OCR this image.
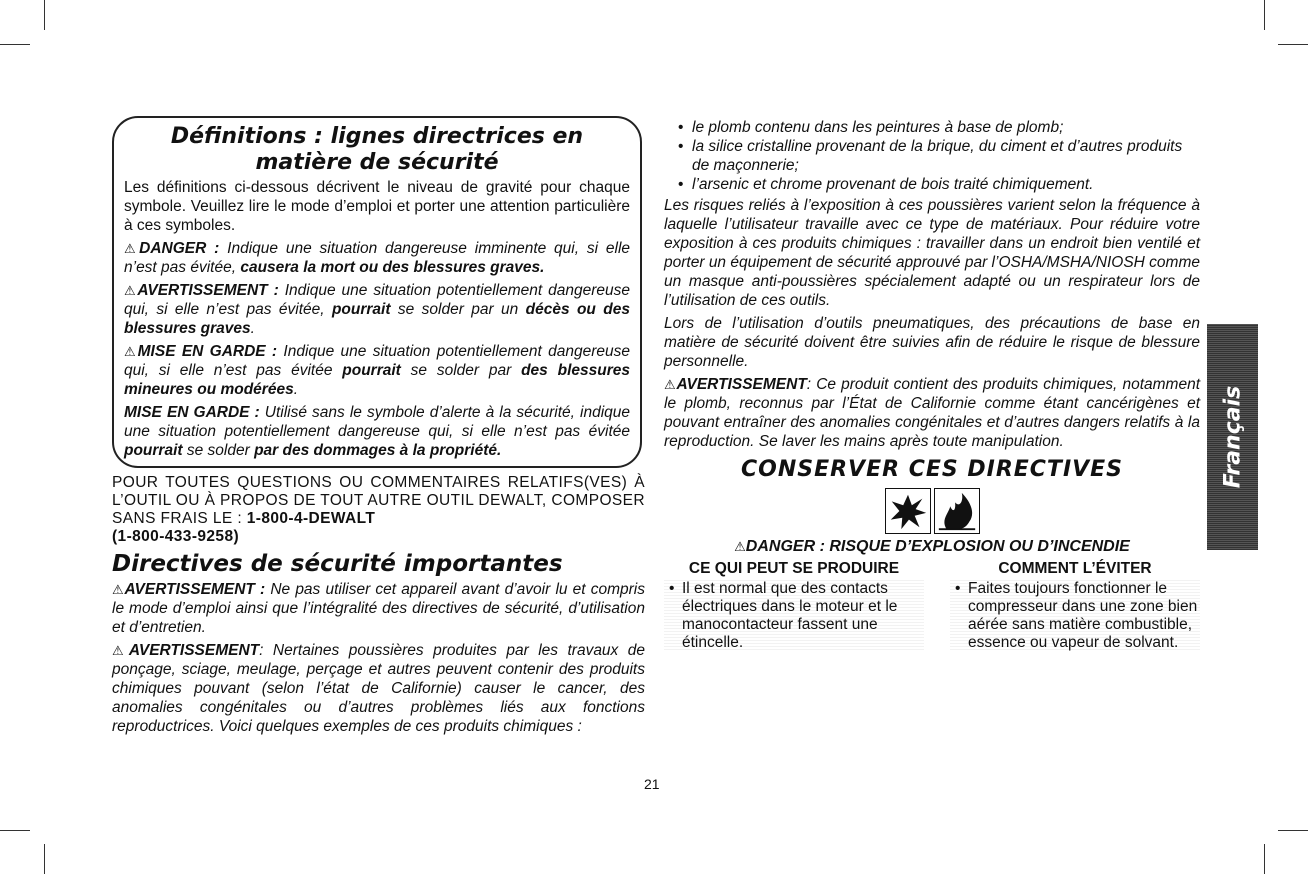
Définitions : lignes directrices en
matière de sécurité

Les définitions ci-dessous décrivent le niveau de gravité pour chaque symbole. Veuillez lire le mode d’emploi et porter une attention particulière à ces symboles.

⚠DANGER : Indique une situation dangereuse imminente qui, si elle n’est pas évitée, causera la mort ou des blessures graves.

⚠AVERTISSEMENT : Indique une situation potentiellement dangereuse qui, si elle n’est pas évitée, pourrait se solder par un décès ou des blessures graves.

⚠MISE EN GARDE : Indique une situation potentiellement dangereuse qui, si elle n’est pas évitée pourrait se solder par des blessures mineures ou modérées.

MISE EN GARDE : Utilisé sans le symbole d’alerte à la sécurité, indique une situation potentiellement dangereuse qui, si elle n’est pas évitée pourrait se solder par des dommages à la propriété.

POUR TOUTES QUESTIONS OU COMMENTAIRES RELATIFS(VES) À L’OUTIL OU À PROPOS DE TOUT AUTRE OUTIL DEWALT, COMPOSER SANS FRAIS LE : 1-800-4-DEWALT
(1-800-433-9258)

Directives de sécurité importantes

⚠AVERTISSEMENT : Ne pas utiliser cet appareil avant d’avoir lu et compris le mode d’emploi ainsi que l’intégralité des directives de sécurité, d’utilisation et d’entretien.

⚠AVERTISSEMENT: Nertaines poussières produites par les travaux de ponçage, sciage, meulage, perçage et autres peuvent contenir des produits chimiques pouvant (selon l’état de Californie) causer le cancer, des anomalies congénitales ou d’autres problèmes liés aux fonctions reproductrices. Voici quelques exemples de ces produits chimiques :

• le plomb contenu dans les peintures à base de plomb;
• la silice cristalline provenant de la brique, du ciment et d’autres produits de maçonnerie;
• l’arsenic et chrome provenant de bois traité chimiquement.

Les risques reliés à l’exposition à ces poussières varient selon la fréquence à laquelle l’utilisateur travaille avec ce type de matériaux. Pour réduire votre exposition à ces produits chimiques : travailler dans un endroit bien ventilé et porter un équipement de sécurité approuvé par l’OSHA/MSHA/NIOSH comme un masque anti-poussières spécialement adapté ou un respirateur lors de l’utilisation de ces outils.

Lors de l’utilisation d’outils pneumatiques, des précautions de base en matière de sécurité doivent être suivies afin de réduire le risque de blessure personnelle.

⚠AVERTISSEMENT: Ce produit contient des produits chimiques, notamment le plomb, reconnus par l’État de Californie comme étant cancérigènes et pouvant entraîner des anomalies congénitales et d’autres dangers relatifs à la reproduction. Se laver les mains après toute manipulation.

CONSERVER CES DIRECTIVES
⚠DANGER : RISQUE D’EXPLOSION OU D’INCENDIE
CE QUI PEUT SE PRODUIRE
• Il est normal que des contacts électriques dans le moteur et le manocontacteur fassent une étincelle.
COMMENT L’ÉVITER
• Faites toujours fonctionner le compresseur dans une zone bien aérée sans matière combustible, essence ou vapeur de solvant.
21
Français
